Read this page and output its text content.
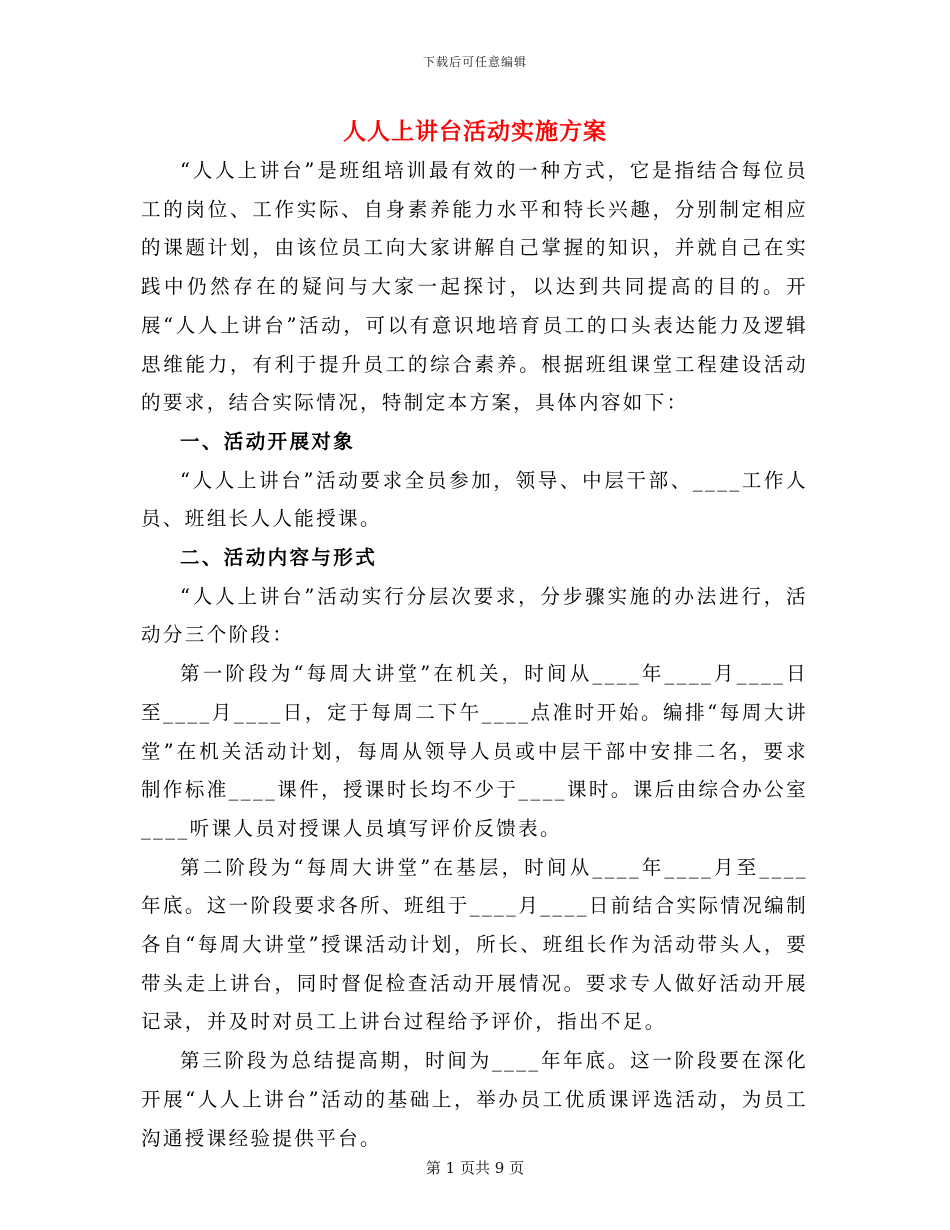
下载后可任意编辑
人人上讲台活动实施方案

“人人上讲台”是班组培训最有效的一种方式，它是指结合每位员工的岗位、工作实际、自身素养能力水平和特长兴趣，分别制定相应的课题计划，由该位员工向大家讲解自己掌握的知识，并就自己在实践中仍然存在的疑问与大家一起探讨，以达到共同提高的目的。开展“人人上讲台”活动，可以有意识地培育员工的口头表达能力及逻辑思维能力，有利于提升员工的综合素养。根据班组课堂工程建设活动的要求，结合实际情况，特制定本方案，具体内容如下：

一、活动开展对象

“人人上讲台”活动要求全员参加，领导、中层干部、____工作人员、班组长人人能授课。

二、活动内容与形式

“人人上讲台”活动实行分层次要求，分步骤实施的办法进行，活动分三个阶段：

第一阶段为“每周大讲堂”在机关，时间从____年____月____日至____月____日，定于每周二下午____点准时开始。编排“每周大讲堂”在机关活动计划，每周从领导人员或中层干部中安排二名，要求制作标准____课件，授课时长均不少于____课时。课后由综合办公室____听课人员对授课人员填写评价反馈表。

第二阶段为“每周大讲堂”在基层，时间从____年____月至____年底。这一阶段要求各所、班组于____月____日前结合实际情况编制各自“每周大讲堂”授课活动计划，所长、班组长作为活动带头人，要带头走上讲台，同时督促检查活动开展情况。要求专人做好活动开展记录，并及时对员工上讲台过程给予评价，指出不足。

第三阶段为总结提高期，时间为____年年底。这一阶段要在深化开展“人人上讲台”活动的基础上，举办员工优质课评选活动，为员工沟通授课经验提供平台。

第 1 页共 9 页
